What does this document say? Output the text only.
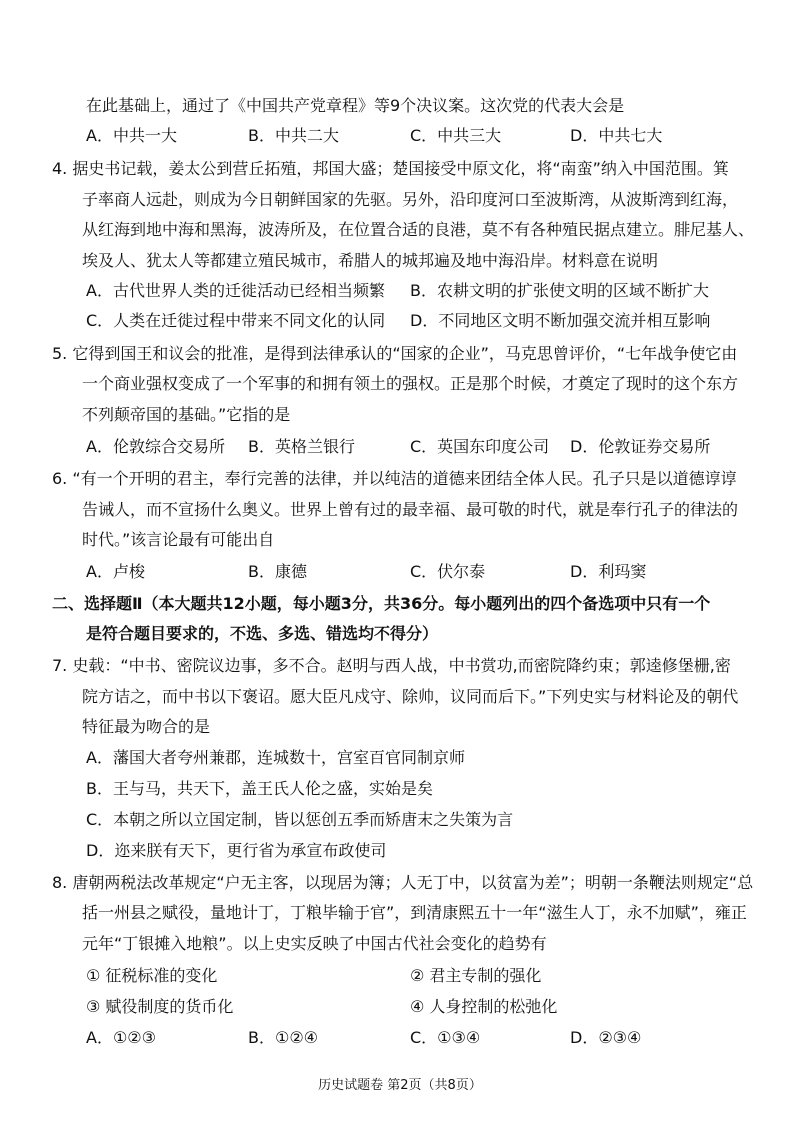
在此基础上，通过了《中国共产党章程》等9个决议案。这次党的代表大会是
A．中共一大	B．中共二大	C．中共三大	D．中共七大
4. 据史书记载，姜太公到营丘拓殖，邦国大盛；楚国接受中原文化，将“南蛮”纳入中国范围。箕
子率商人远赴，则成为今日朝鲜国家的先驱。另外，沿印度河口至波斯湾，从波斯湾到红海，
从红海到地中海和黑海，波涛所及，在位置合适的良港，莫不有各种殖民据点建立。腓尼基人、
埃及人、犹太人等都建立殖民城市，希腊人的城邦遍及地中海沿岸。材料意在说明
A．古代世界人类的迁徙活动已经相当频繁 B．农耕文明的扩张使文明的区域不断扩大
C．人类在迁徙过程中带来不同文化的认同 D．不同地区文明不断加强交流并相互影响
5. 它得到国王和议会的批准，是得到法律承认的“国家的企业”，马克思曾评价，“七年战争使它由
一个商业强权变成了一个军事的和拥有领土的强权。正是那个时候，才奠定了现时的这个东方
不列颠帝国的基础。”它指的是
A．伦敦综合交易所 B．英格兰银行	C．英国东印度公司 D．伦敦证券交易所
6. “有一个开明的君主，奉行完善的法律，并以纯洁的道德来团结全体人民。孔子只是以道德谆谆
告诫人，而不宣扬什么奥义。世界上曾有过的最幸福、最可敬的时代，就是奉行孔子的律法的
时代。”该言论最有可能出自
A．卢梭	B．康德	C．伏尔泰	D．利玛窦
二、选择题Ⅱ（本大题共12小题，每小题3分，共36分。每小题列出的四个备选项中只有一个
是符合题目要求的，不选、多选、错选均不得分）
7. 史载：“中书、密院议边事，多不合。赵明与西人战，中书赏功,而密院降约束；郭逵修堡栅,密
院方诘之，而中书以下褒诏。愿大臣凡戍守、除帅，议同而后下。”下列史实与材料论及的朝代
特征最为吻合的是
A．藩国大者夸州兼郡，连城数十，宫室百官同制京师
B．王与马，共天下，盖王氏人伦之盛，实始是矣
C．本朝之所以立国定制，皆以惩创五季而矫唐末之失策为言
D．迩来朕有天下，更行省为承宣布政使司
8. 唐朝两税法改革规定“户无主客，以现居为簿；人无丁中，以贫富为差”；明朝一条鞭法则规定“总
括一州县之赋役，量地计丁，丁粮毕输于官”，到清康熙五十一年“滋生人丁，永不加赋”，雍正
元年“丁银摊入地粮”。以上史实反映了中国古代社会变化的趋势有
① 征税标准的变化	② 君主专制的强化
③ 赋役制度的货币化	④ 人身控制的松弛化
A．①②③	B．①②④	C．①③④	D．②③④
历史试题卷 第2页（共8页）
